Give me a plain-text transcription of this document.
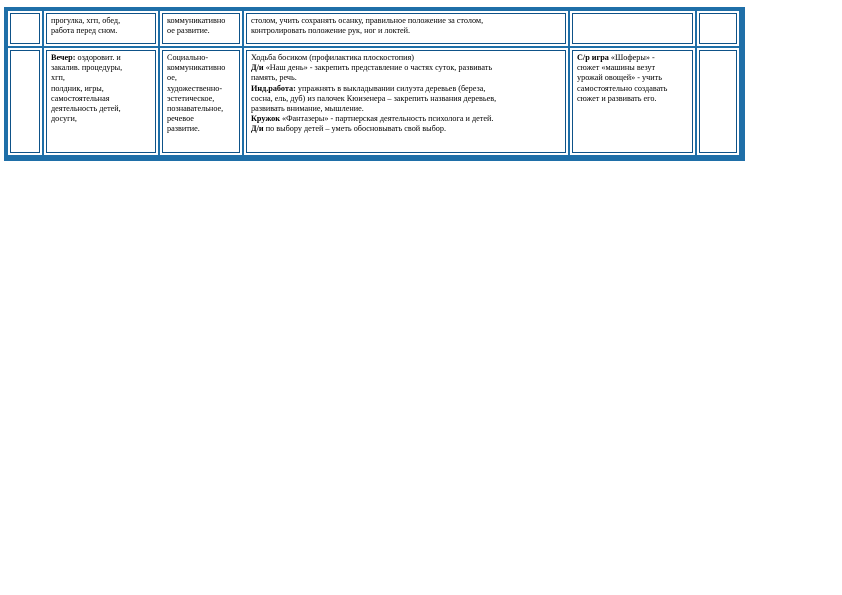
прогулка, хгп, обед,
работа перед сном.
коммуникативно
ое развитие.
столом, учить сохранять осанку, правильное положение за столом,
контролировать положение рук, ног и локтей.
Вечер: оздоровит. и
закалив. процедуры,
хгп,
полдник, игры,
самостоятельная
деятельность детей,
досуги,
Социально-
коммуникативно
ое,
художественно-
эстетическое,
познавательное,
речевое
развитие.
Ходьба босиком (профилактика плоскостопия)
Д/и «Наш день» - закрепить представление о частях суток, развивать
память, речь.
Инд.работа: упражнять в выкладывании силуэта деревьев (береза,
сосна, ель, дуб) из палочек Кюизенера – закрепить названия деревьев,
развивать внимание, мышление.
Кружок «Фантазеры» - партнерская деятельность психолога и детей.
Д/и по выбору детей – уметь обосновывать свой выбор.
С/р игра «Шоферы» -
сюжет «машины везут
урожай овощей» - учить
самостоятельно создавать
сюжет и развивать его.
